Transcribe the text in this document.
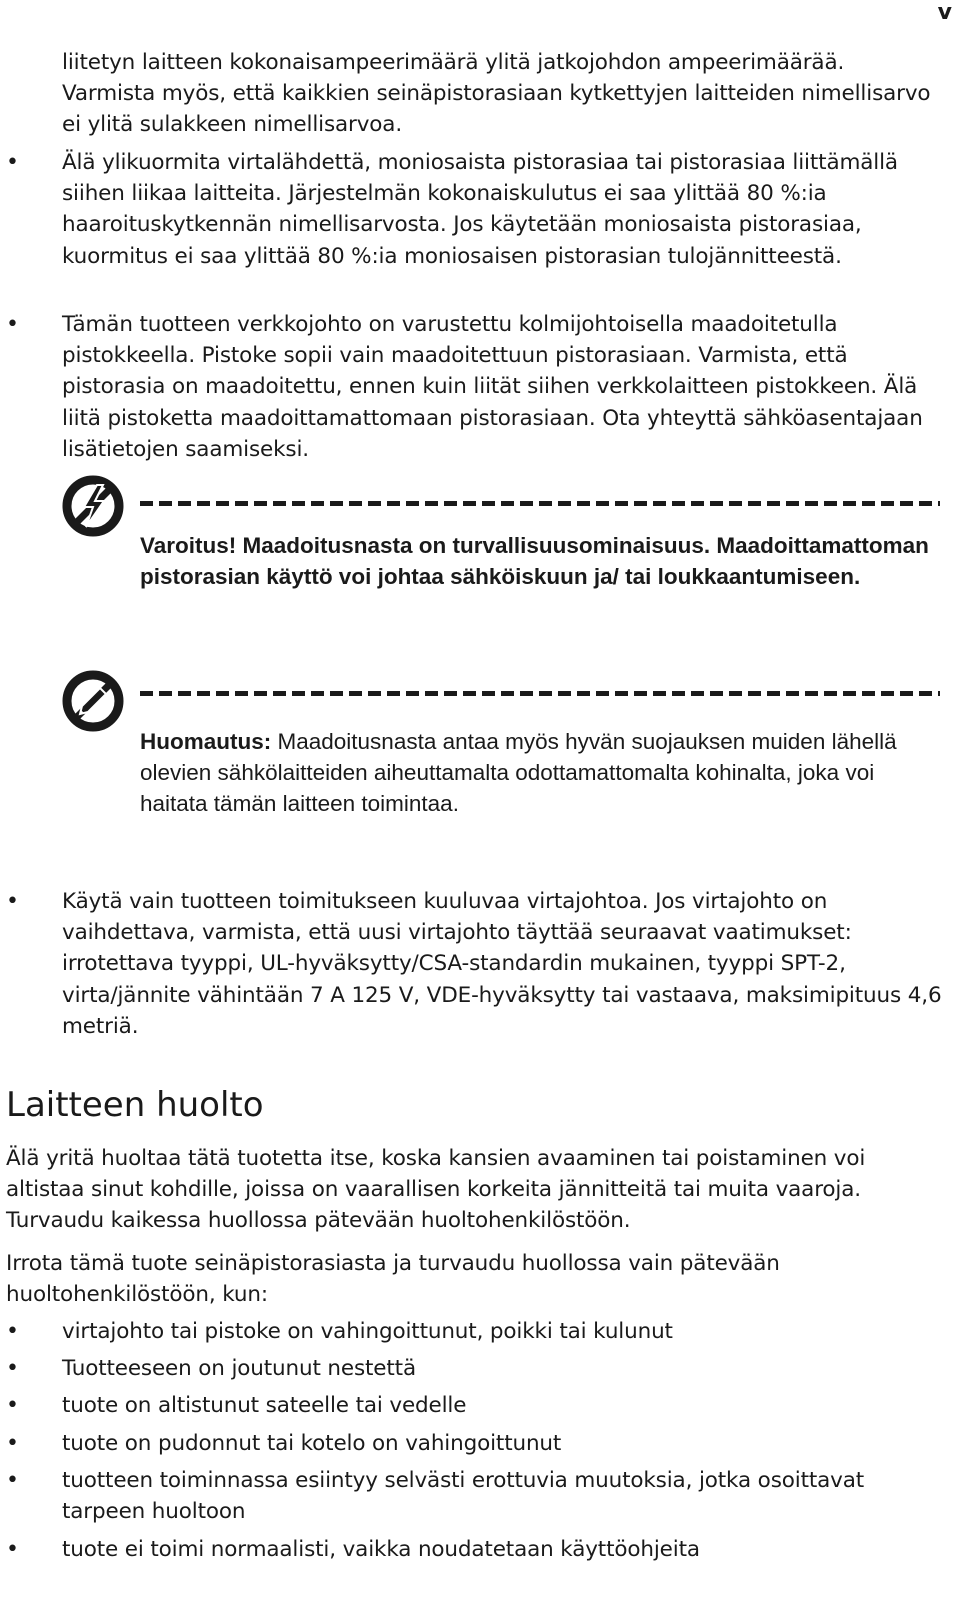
v

liitetyn laitteen kokonaisampeerimäärä ylitä jatkojohdon ampeerimäärää. Varmista myös, että kaikkien seinäpistorasiaan kytkettyjen laitteiden nimellisarvo ei ylitä sulakkeen nimellisarvoa.

• Älä ylikuormita virtalähdettä, moniosaista pistorasiaa tai pistorasiaa liittämällä siihen liikaa laitteita. Järjestelmän kokonaiskulutus ei saa ylittää 80 %:ia haaroituskytkennän nimellisarvosta. Jos käytetään moniosaista pistorasiaa, kuormitus ei saa ylittää 80 %:ia moniosaisen pistorasian tulojännitteestä.

• Tämän tuotteen verkkojohto on varustettu kolmijohtoisella maadoitetulla pistokkeella. Pistoke sopii vain maadoitettuun pistorasiaan. Varmista, että pistorasia on maadoitettu, ennen kuin liität siihen verkkolaitteen pistokkeen. Älä liitä pistoketta maadoittamattomaan pistorasiaan. Ota yhteyttä sähköasentajaan lisätietojen saamiseksi.

Varoitus! Maadoitusnasta on turvallisuusominaisuus. Maadoittamattoman pistorasian käyttö voi johtaa sähköiskuun ja/ tai loukkaantumiseen.

Huomautus: Maadoitusnasta antaa myös hyvän suojauksen muiden lähellä olevien sähkölaitteiden aiheuttamalta odottamattomalta kohinalta, joka voi haitata tämän laitteen toimintaa.

• Käytä vain tuotteen toimitukseen kuuluvaa virtajohtoa. Jos virtajohto on vaihdettava, varmista, että uusi virtajohto täyttää seuraavat vaatimukset: irrotettava tyyppi, UL-hyväksytty/CSA-standardin mukainen, tyyppi SPT-2, virta/jännite vähintään 7 A 125 V, VDE-hyväksytty tai vastaava, maksimipituus 4,6 metriä.

Laitteen huolto

Älä yritä huoltaa tätä tuotetta itse, koska kansien avaaminen tai poistaminen voi altistaa sinut kohdille, joissa on vaarallisen korkeita jännitteitä tai muita vaaroja. Turvaudu kaikessa huollossa pätevään huoltohenkilöstöön.

Irrota tämä tuote seinäpistorasiasta ja turvaudu huollossa vain pätevään huoltohenkilöstöön, kun:

• virtajohto tai pistoke on vahingoittunut, poikki tai kulunut

• Tuotteeseen on joutunut nestettä

• tuote on altistunut sateelle tai vedelle

• tuote on pudonnut tai kotelo on vahingoittunut

• tuotteen toiminnassa esiintyy selvästi erottuvia muutoksia, jotka osoittavat tarpeen huoltoon

• tuote ei toimi normaalisti, vaikka noudatetaan käyttöohjeita
